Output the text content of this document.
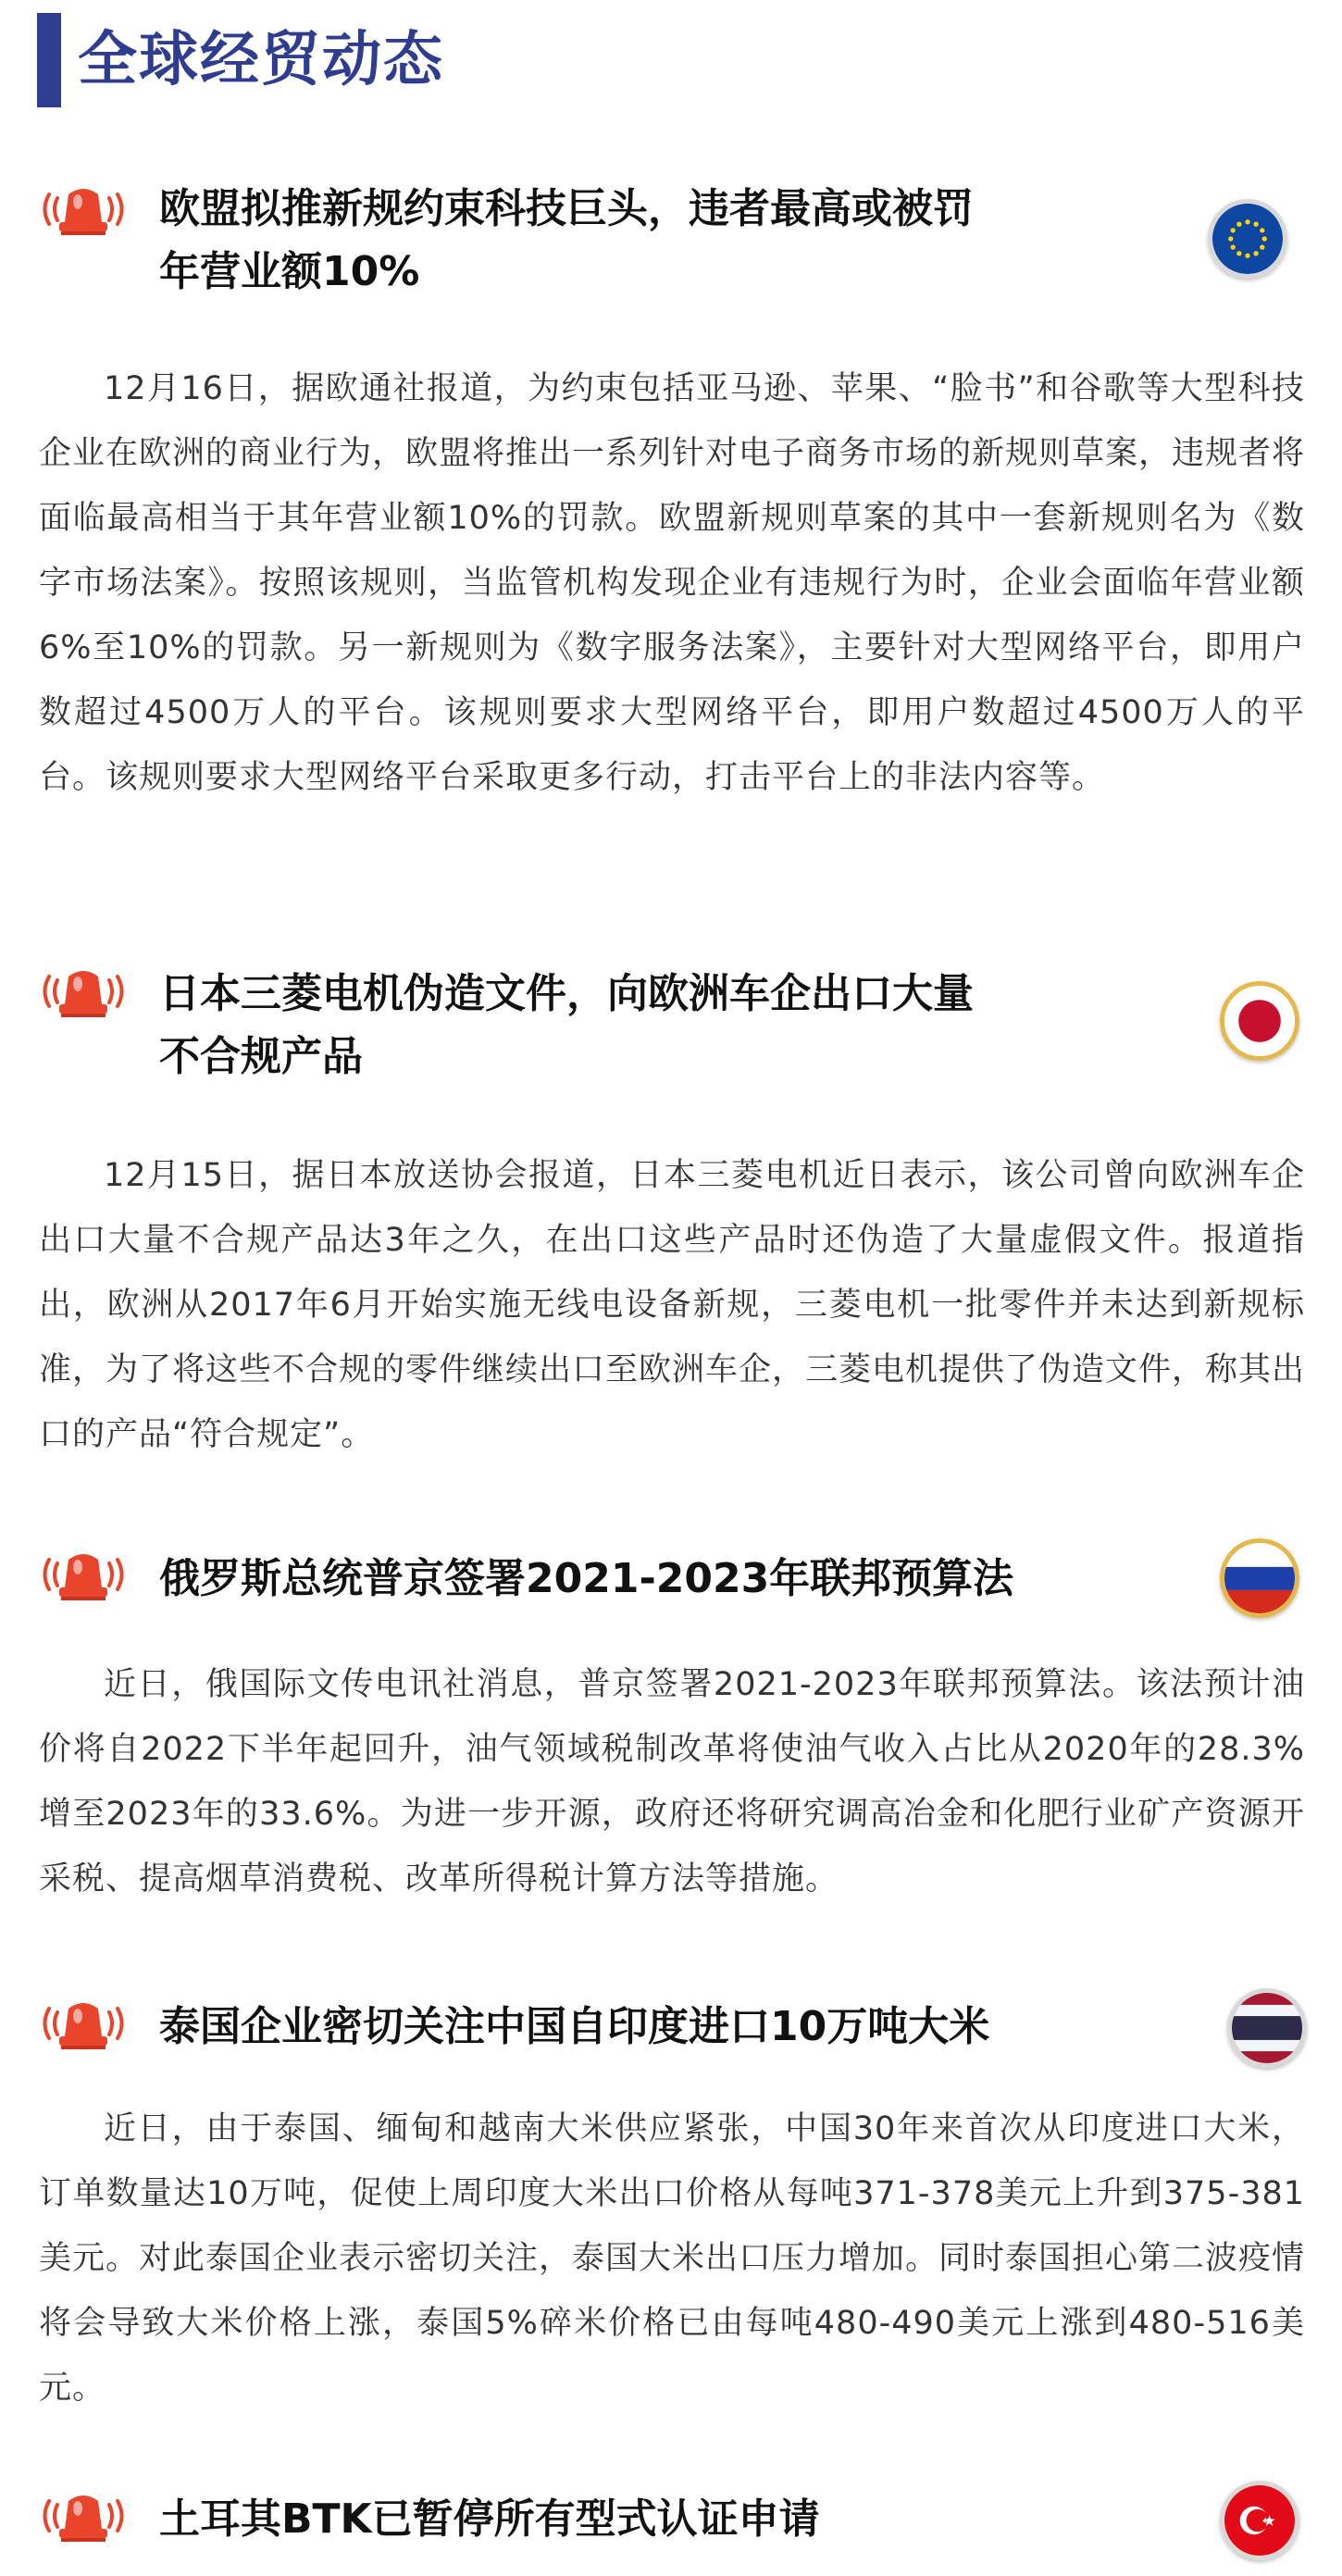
全球经贸动态
欧盟拟推新规约束科技巨头，违者最高或被罚
年营业额10%
12月16日，据欧通社报道，为约束包括亚马逊、苹果、“脸书”和谷歌等大型科技企业在欧洲的商业行为，欧盟将推出一系列针对电子商务市场的新规则草案，违规者将面临最高相当于其年营业额10%的罚款。欧盟新规则草案的其中一套新规则名为《数字市场法案》。按照该规则，当监管机构发现企业有违规行为时，企业会面临年营业额6%至10%的罚款。另一新规则为《数字服务法案》，主要针对大型网络平台，即用户数超过4500万人的平台。该规则要求大型网络平台，即用户数超过4500万人的平台。该规则要求大型网络平台采取更多行动，打击平台上的非法内容等。
日本三菱电机伪造文件，向欧洲车企出口大量
不合规产品
12月15日，据日本放送协会报道，日本三菱电机近日表示，该公司曾向欧洲车企出口大量不合规产品达3年之久，在出口这些产品时还伪造了大量虚假文件。报道指出，欧洲从2017年6月开始实施无线电设备新规，三菱电机一批零件并未达到新规标准，为了将这些不合规的零件继续出口至欧洲车企，三菱电机提供了伪造文件，称其出口的产品“符合规定”。
俄罗斯总统普京签署2021-2023年联邦预算法
近日，俄国际文传电讯社消息，普京签署2021-2023年联邦预算法。该法预计油价将自2022下半年起回升，油气领域税制改革将使油气收入占比从2020年的28.3%增至2023年的33.6%。为进一步开源，政府还将研究调高冶金和化肥行业矿产资源开采税、提高烟草消费税、改革所得税计算方法等措施。
泰国企业密切关注中国自印度进口10万吨大米
近日，由于泰国、缅甸和越南大米供应紧张，中国30年来首次从印度进口大米，订单数量达10万吨，促使上周印度大米出口价格从每吨371-378美元上升到375-381美元。对此泰国企业表示密切关注，泰国大米出口压力增加。同时泰国担心第二波疫情将会导致大米价格上涨，泰国5%碎米价格已由每吨480-490美元上涨到480-516美元。
土耳其BTK已暂停所有型式认证申请
